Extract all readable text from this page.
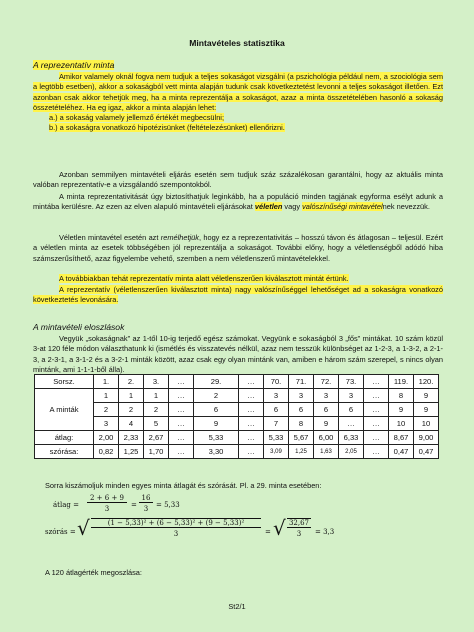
Mintavételes statisztika
A reprezentatív minta

Amikor valamely oknál fogva nem tudjuk a teljes sokaságot vizsgálni (a pszichológia például nem, a szociológia sem a legtöbb esetben), akkor a sokaságból vett minta alapján tudunk csak következtetést levonni a teljes sokaságot illetően. Ezt azonban csak akkor tehetjük meg, ha a minta reprezentálja a sokaságot, azaz a minta összetételében hasonló a sokaság összetételéhez. Ha eg igaz, akkor a minta alapján lehet:

a.) a sokaság valamely jellemző értékét megbecsülni;
b.) a sokaságra vonatkozó hipotézisünket (feltételezésünket) ellenőrizni.

Azonban semmilyen mintavételi eljárás esetén sem tudjuk száz százalékosan garantálni, hogy az aktuális minta valóban reprezentatív-e a vizsgálandó szempontokból.

A minta reprezentativitását úgy biztosíthatjuk leginkább, ha a populáció minden tagjának egyforma esélyt adunk a mintába kerülésre. Az ezen az elven alapuló mintavételi eljárásokat véletlen vagy valószínűségi mintavételnek nevezzük.

Véletlen mintavétel esetén azt remélhetjük, hogy ez a reprezentativitás – hosszú távon és átlagosan – teljesül. Ezért a véletlen minta az esetek többségében jól reprezentálja a sokaságot. További előny, hogy a véletlenségből adódó hiba számszerűsíthető, azaz figyelembe vehető, szemben a nem véletlenszerű mintavételekkel.

A továbbiakban tehát reprezentatív minta alatt véletlenszerűen kiválasztott mintát értünk.

A reprezentatív (véletlenszerűen kiválasztott minta) nagy valószínűséggel lehetőséget ad a sokaságra vonatkozó következtetés levonására.

A mintavételi eloszlások

Vegyük „sokaságnak” az 1-től 10-ig terjedő egész számokat. Vegyünk e sokaságból 3 „fős” mintákat. 10 szám közül 3-at 120 féle módon választhatunk ki (ismétlés és visszatevés nélkül, azaz nem tesszük különbséget az 1-2-3, a 1-3-2, a 2-1-3, a 2-3-1, a 3-1-2 és a 3-2-1 minták között, azaz csak egy olyan mintánk van, amiben e három szám szerepel, s nincs olyan mintánk, ami 1-1-1-ből álla).

Sorsz.	1.	2.	3.	…	29.	…	70.	71.	72.	73.	…	119.	120.
A minták	1	1	1	…	2	…	3	3	3	3	…	8	9
	2	2	2	…	6	…	6	6	6	6	…	9	9
	3	4	5	…	9	…	7	8	9	…	…	10	10
átlag:	2,00	2,33	2,67	…	5,33	…	5,33	5,67	6,00	6,33	…	8,67	9,00
szórása:	0,82	1,25	1,70	…	3,30	…	3,09	1,25	1,63	2,05	…	0,47	0,47

Sorra kiszámoljuk minden egyes minta átlagát és szórását. Pl. a 29. minta esetében:

átlag =
2 + 6 + 9
3	=
16
3	= 5,33
szórás = √	(1 − 5,33)² + (6 − 5,33)² + (9 − 5,33)²
3	= √ 32,67
3	= 3,3

A 120 átlagérték megoszlása:

St2/1
